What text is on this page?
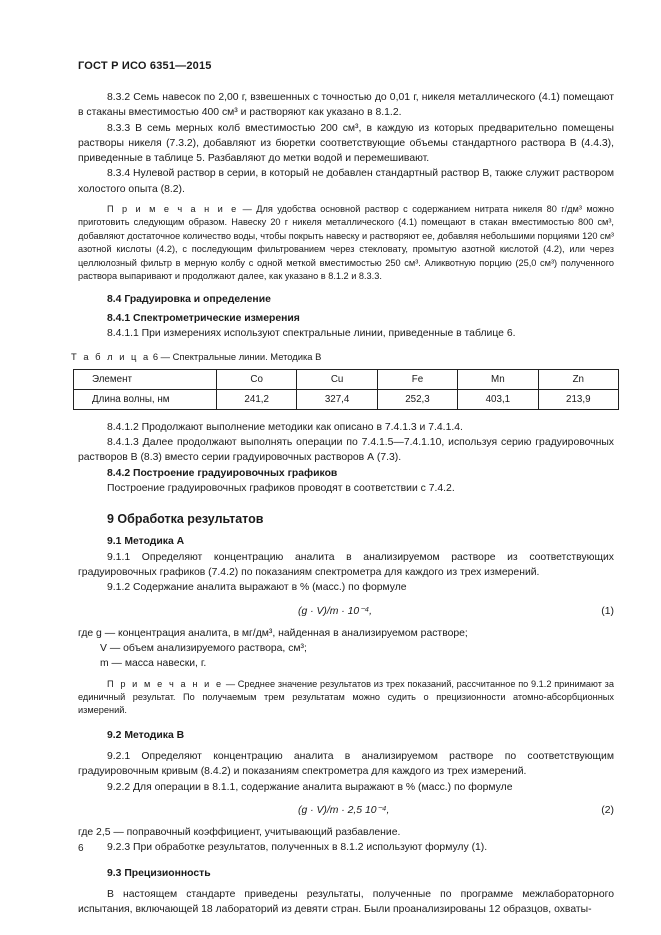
ГОСТ Р ИСО 6351—2015

8.3.2 Семь навесок по 2,00 г, взвешенных с точностью до 0,01 г, никеля металлического (4.1) помещают в стаканы вместимостью 400 см³ и растворяют как указано в 8.1.2.

8.3.3 В семь мерных колб вместимостью 200 см³, в каждую из которых предварительно помещены растворы никеля (7.3.2), добавляют из бюретки соответствующие объемы стандартного раствора В (4.4.3), приведенные в таблице 5. Разбавляют до метки водой и перемешивают.

8.3.4 Нулевой раствор в серии, в который не добавлен стандартный раствор В, также служит раствором холостого опыта (8.2).

П р и м е ч а н и е — Для удобства основной раствор с содержанием нитрата никеля 80 г/дм³ можно приготовить следующим образом. Навеску 20 г никеля металлического (4.1) помещают в стакан вместимостью 800 см³, добавляют достаточное количество воды, чтобы покрыть навеску и растворяют ее, добавляя небольшими порциями 120 см³ азотной кислоты (4.2), с последующим фильтрованием через стекловату, промытую азотной кислотой (4.2), или через целлюлозный фильтр в мерную колбу с одной меткой вместимостью 250 см³. Аликвотную порцию (25,0 см³) полученного раствора выпаривают и продолжают далее, как указано в 8.1.2 и 8.3.3.

8.4 Градуировка и определение

8.4.1 Спектрометрические измерения

8.4.1.1 При измерениях используют спектральные линии, приведенные в таблице 6.

Т а б л и ц а 6 — Спектральные линии. Методика В
Элемент	Co	Cu	Fe	Mn	Zn
Длина волны, нм	241,2	327,4	252,3	403,1	213,9

8.4.1.2 Продолжают выполнение методики как описано в 7.4.1.3 и 7.4.1.4.

8.4.1.3 Далее продолжают выполнять операции по 7.4.1.5—7.4.1.10, используя серию градуировочных растворов В (8.3) вместо серии градуировочных растворов А (7.3).

8.4.2 Построение градуировочных графиков

Построение градуировочных графиков проводят в соответствии с 7.4.2.

9 Обработка результатов

9.1 Методика А

9.1.1 Определяют концентрацию аналита в анализируемом растворе из соответствующих градуировочных графиков (7.4.2) по показаниям спектрометра для каждого из трех измерений.

9.1.2 Содержание аналита выражают в % (масс.) по формуле

(g · V)/m · 10⁻⁴,	(1)

где g — концентрация аналита, в мг/дм³, найденная в анализируемом растворе;

V — объем анализируемого раствора, см³;

m — масса навески, г.

П р и м е ч а н и е — Среднее значение результатов из трех показаний, рассчитанное по 9.1.2 принимают за единичный результат. По получаемым трем результатам можно судить о прецизионности атомно-абсорбционных измерений.

9.2 Методика В

9.2.1 Определяют концентрацию аналита в анализируемом растворе по соответствующим градуировочным кривым (8.4.2) и показаниям спектрометра для каждого из трех измерений.

9.2.2 Для операции в 8.1.1, содержание аналита выражают в % (масс.) по формуле

(g · V)/m · 2,5 10⁻⁴,	(2)

где 2,5 — поправочный коэффициент, учитывающий разбавление.

9.2.3 При обработке результатов, полученных в 8.1.2 используют формулу (1).

9.3 Прецизионность

В настоящем стандарте приведены результаты, полученные по программе межлабораторного испытания, включающей 18 лабораторий из девяти стран. Были проанализированы 12 образцов, охваты-

6
